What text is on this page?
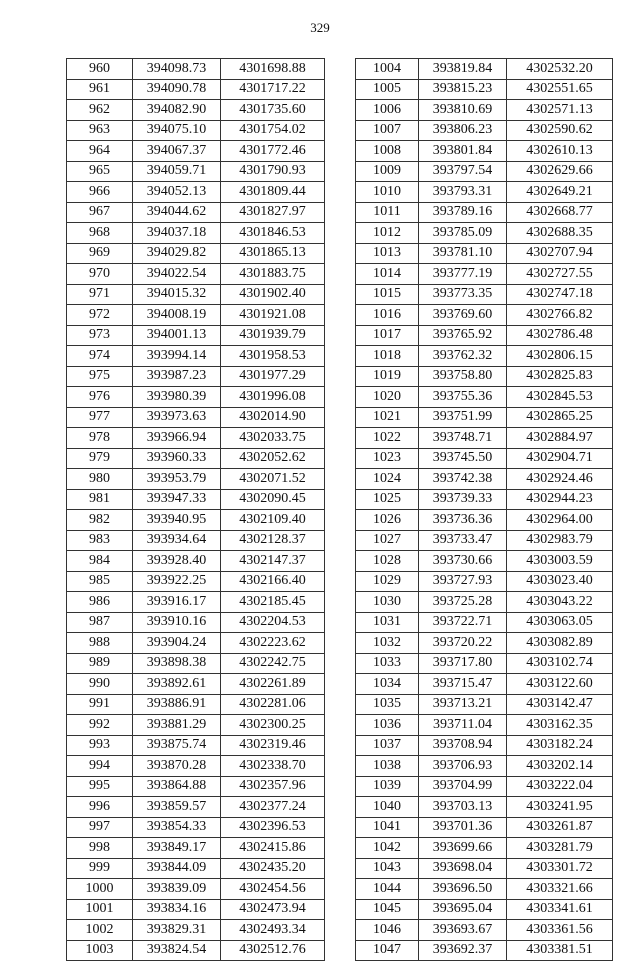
329
960	394098.73	4301698.88
961	394090.78	4301717.22
962	394082.90	4301735.60
963	394075.10	4301754.02
964	394067.37	4301772.46
965	394059.71	4301790.93
966	394052.13	4301809.44
967	394044.62	4301827.97
968	394037.18	4301846.53
969	394029.82	4301865.13
970	394022.54	4301883.75
971	394015.32	4301902.40
972	394008.19	4301921.08
973	394001.13	4301939.79
974	393994.14	4301958.53
975	393987.23	4301977.29
976	393980.39	4301996.08
977	393973.63	4302014.90
978	393966.94	4302033.75
979	393960.33	4302052.62
980	393953.79	4302071.52
981	393947.33	4302090.45
982	393940.95	4302109.40
983	393934.64	4302128.37
984	393928.40	4302147.37
985	393922.25	4302166.40
986	393916.17	4302185.45
987	393910.16	4302204.53
988	393904.24	4302223.62
989	393898.38	4302242.75
990	393892.61	4302261.89
991	393886.91	4302281.06
992	393881.29	4302300.25
993	393875.74	4302319.46
994	393870.28	4302338.70
995	393864.88	4302357.96
996	393859.57	4302377.24
997	393854.33	4302396.53
998	393849.17	4302415.86
999	393844.09	4302435.20
1000	393839.09	4302454.56
1001	393834.16	4302473.94
1002	393829.31	4302493.34
1003	393824.54	4302512.76
1004	393819.84	4302532.20
1005	393815.23	4302551.65
1006	393810.69	4302571.13
1007	393806.23	4302590.62
1008	393801.84	4302610.13
1009	393797.54	4302629.66
1010	393793.31	4302649.21
1011	393789.16	4302668.77
1012	393785.09	4302688.35
1013	393781.10	4302707.94
1014	393777.19	4302727.55
1015	393773.35	4302747.18
1016	393769.60	4302766.82
1017	393765.92	4302786.48
1018	393762.32	4302806.15
1019	393758.80	4302825.83
1020	393755.36	4302845.53
1021	393751.99	4302865.25
1022	393748.71	4302884.97
1023	393745.50	4302904.71
1024	393742.38	4302924.46
1025	393739.33	4302944.23
1026	393736.36	4302964.00
1027	393733.47	4302983.79
1028	393730.66	4303003.59
1029	393727.93	4303023.40
1030	393725.28	4303043.22
1031	393722.71	4303063.05
1032	393720.22	4303082.89
1033	393717.80	4303102.74
1034	393715.47	4303122.60
1035	393713.21	4303142.47
1036	393711.04	4303162.35
1037	393708.94	4303182.24
1038	393706.93	4303202.14
1039	393704.99	4303222.04
1040	393703.13	4303241.95
1041	393701.36	4303261.87
1042	393699.66	4303281.79
1043	393698.04	4303301.72
1044	393696.50	4303321.66
1045	393695.04	4303341.61
1046	393693.67	4303361.56
1047	393692.37	4303381.51
